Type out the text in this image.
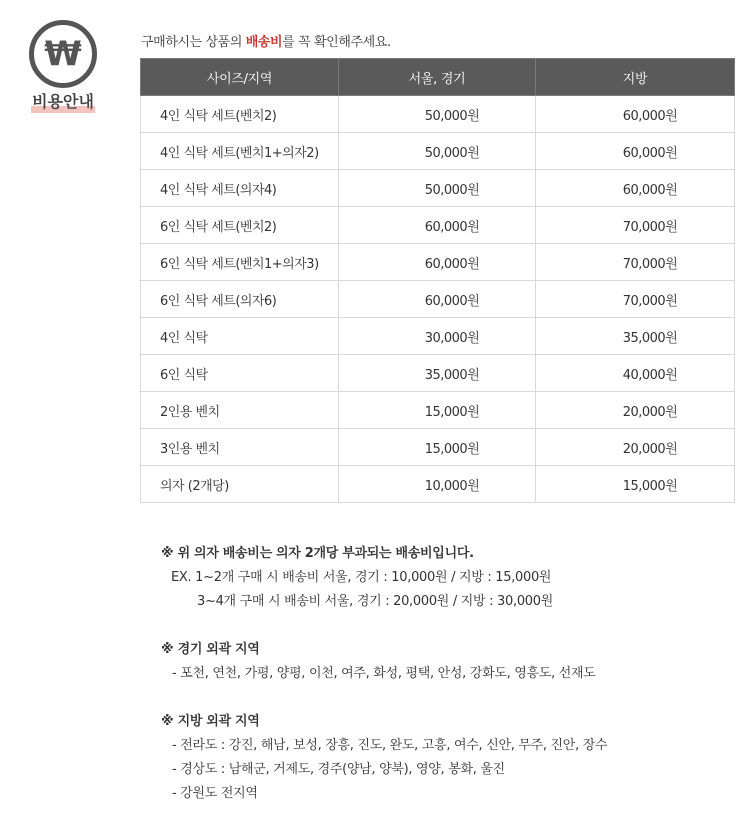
₩
비용안내
구매하시는 상품의 배송비를 꼭 확인해주세요.
사이즈/지역	서울, 경기	지방
4인 식탁 세트(벤치2)	50,000원	60,000원
4인 식탁 세트(벤치1+의자2)	50,000원	60,000원
4인 식탁 세트(의자4)	50,000원	60,000원
6인 식탁 세트(벤치2)	60,000원	70,000원
6인 식탁 세트(벤치1+의자3)	60,000원	70,000원
6인 식탁 세트(의자6)	60,000원	70,000원
4인 식탁	30,000원	35,000원
6인 식탁	35,000원	40,000원
2인용 벤치	15,000원	20,000원
3인용 벤치	15,000원	20,000원
의자 (2개당)	10,000원	15,000원
※ 위 의자 배송비는 의자 2개당 부과되는 배송비입니다.
EX. 1~2개 구매 시 배송비 서울, 경기 : 10,000원 / 지방 : 15,000원
3~4개 구매 시 배송비 서울, 경기 : 20,000원 / 지방 : 30,000원
※ 경기 외곽 지역
- 포천, 연천, 가평, 양평, 이천, 여주, 화성, 평택, 안성, 강화도, 영흥도, 선재도
※ 지방 외곽 지역
- 전라도 : 강진, 해남, 보성, 장흥, 진도, 완도, 고흥, 여수, 신안, 무주, 진안, 장수
- 경상도 : 남해군, 거제도, 경주(양남, 양북), 영양, 봉화, 울진
- 강원도 전지역
